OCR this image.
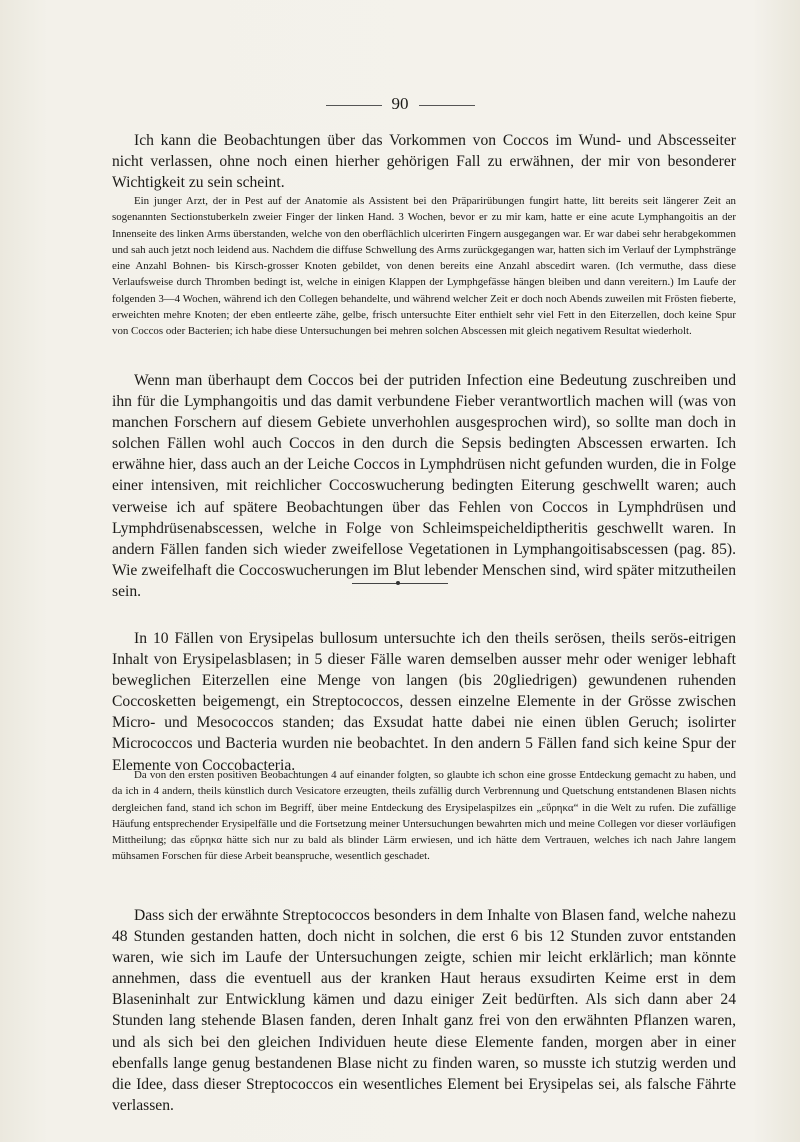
90

Ich kann die Beobachtungen über das Vorkommen von Coccos im Wund- und Abscesseiter nicht verlassen, ohne noch einen hierher gehörigen Fall zu erwähnen, der mir von besonderer Wichtigkeit zu sein scheint.

Ein junger Arzt, der in Pest auf der Anatomie als Assistent bei den Präparirübungen fungirt hatte, litt bereits seit längerer Zeit an sogenannten Sectionstuberkeln zweier Finger der linken Hand. 3 Wochen, bevor er zu mir kam, hatte er eine acute Lymphangoitis an der Innenseite des linken Arms überstanden, welche von den oberflächlich ulcerirten Fingern ausgegangen war. Er war dabei sehr herabgekommen und sah auch jetzt noch leidend aus. Nachdem die diffuse Schwellung des Arms zurückgegangen war, hatten sich im Verlauf der Lymphstränge eine Anzahl Bohnen- bis Kirsch-grosser Knoten gebildet, von denen bereits eine Anzahl abscedirt waren. (Ich vermuthe, dass diese Verlaufsweise durch Thromben bedingt ist, welche in einigen Klappen der Lymphgefässe hängen bleiben und dann vereitern.) Im Laufe der folgenden 3—4 Wochen, während ich den Collegen behandelte, und während welcher Zeit er doch noch Abends zuweilen mit Frösten fieberte, erweichten mehre Knoten; der eben entleerte zähe, gelbe, frisch untersuchte Eiter enthielt sehr viel Fett in den Eiterzellen, doch keine Spur von Coccos oder Bacterien; ich habe diese Untersuchungen bei mehren solchen Abscessen mit gleich negativem Resultat wiederholt.

Wenn man überhaupt dem Coccos bei der putriden Infection eine Bedeutung zuschreiben und ihn für die Lymphangoitis und das damit verbundene Fieber verantwortlich machen will (was von manchen Forschern auf diesem Gebiete unverhohlen ausgesprochen wird), so sollte man doch in solchen Fällen wohl auch Coccos in den durch die Sepsis bedingten Abscessen erwarten. Ich erwähne hier, dass auch an der Leiche Coccos in Lymphdrüsen nicht gefunden wurden, die in Folge einer intensiven, mit reichlicher Coccoswucherung bedingten Eiterung geschwellt waren; auch verweise ich auf spätere Beobachtungen über das Fehlen von Coccos in Lymphdrüsen und Lymphdrüsenabscessen, welche in Folge von Schleimspeicheldiptheritis geschwellt waren. In andern Fällen fanden sich wieder zweifellose Vegetationen in Lymphangoitisabscessen (pag. 85). Wie zweifelhaft die Coccoswucherungen im Blut lebender Menschen sind, wird später mitzutheilen sein.

In 10 Fällen von Erysipelas bullosum untersuchte ich den theils serösen, theils serös-eitrigen Inhalt von Erysipelasblasen; in 5 dieser Fälle waren demselben ausser mehr oder weniger lebhaft beweglichen Eiterzellen eine Menge von langen (bis 20gliedrigen) gewundenen ruhenden Coccosketten beigemengt, ein Streptococcos, dessen einzelne Elemente in der Grösse zwischen Micro- und Mesococcos standen; das Exsudat hatte dabei nie einen üblen Geruch; isolirter Micrococcos und Bacteria wurden nie beobachtet. In den andern 5 Fällen fand sich keine Spur der Elemente von Coccobacteria.

Da von den ersten positiven Beobachtungen 4 auf einander folgten, so glaubte ich schon eine grosse Entdeckung gemacht zu haben, und da ich in 4 andern, theils künstlich durch Vesicatore erzeugten, theils zufällig durch Verbrennung und Quetschung entstandenen Blasen nichts dergleichen fand, stand ich schon im Begriff, über meine Entdeckung des Erysipelaspilzes ein „εὕρηκα“ in die Welt zu rufen. Die zufällige Häufung entsprechender Erysipelfälle und die Fortsetzung meiner Untersuchungen bewahrten mich und meine Collegen vor dieser vorläufigen Mittheilung; das εὕρηκα hätte sich nur zu bald als blinder Lärm erwiesen, und ich hätte dem Vertrauen, welches ich nach Jahre langem mühsamen Forschen für diese Arbeit beanspruche, wesentlich geschadet.

Dass sich der erwähnte Streptococcos besonders in dem Inhalte von Blasen fand, welche nahezu 48 Stunden gestanden hatten, doch nicht in solchen, die erst 6 bis 12 Stunden zuvor entstanden waren, wie sich im Laufe der Untersuchungen zeigte, schien mir leicht erklärlich; man könnte annehmen, dass die eventuell aus der kranken Haut heraus exsudirten Keime erst in dem Blaseninhalt zur Entwicklung kämen und dazu einiger Zeit bedürften. Als sich dann aber 24 Stunden lang stehende Blasen fanden, deren Inhalt ganz frei von den erwähnten Pflanzen waren, und als sich bei den gleichen Individuen heute diese Elemente fanden, morgen aber in einer ebenfalls lange genug bestandenen Blase nicht zu finden waren, so musste ich stutzig werden und die Idee, dass dieser Streptococcos ein wesentliches Element bei Erysipelas sei, als falsche Fährte verlassen.
